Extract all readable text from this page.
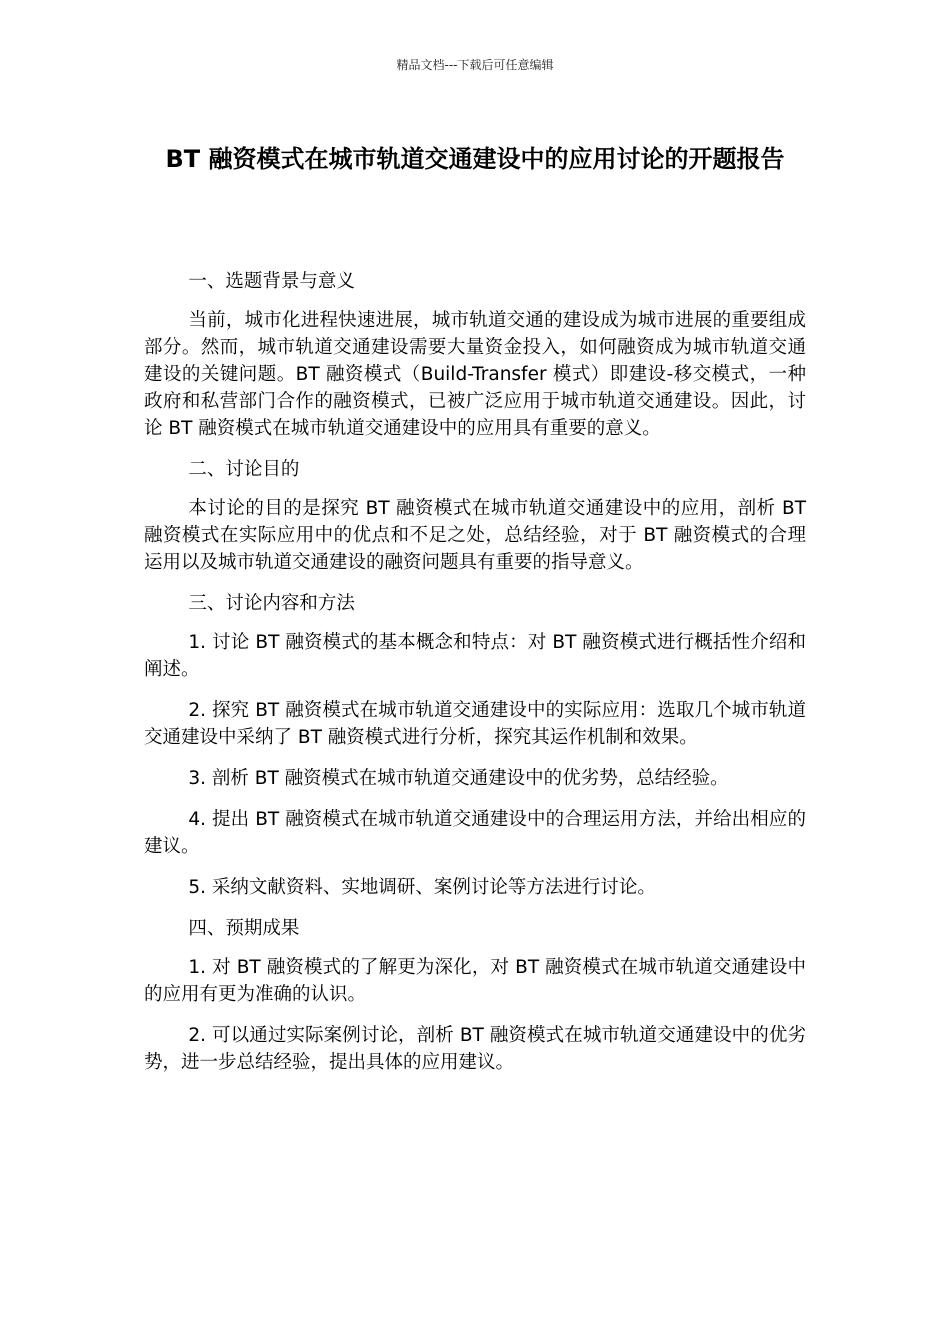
精品文档---下载后可任意编辑
BT 融资模式在城市轨道交通建设中的应用讨论的开题报告

一、选题背景与意义

当前，城市化进程快速进展，城市轨道交通的建设成为城市进展的重要组成部分。然而，城市轨道交通建设需要大量资金投入，如何融资成为城市轨道交通建设的关键问题。BT 融资模式（Build-Transfer 模式）即建设-移交模式，一种政府和私营部门合作的融资模式，已被广泛应用于城市轨道交通建设。因此，讨论 BT 融资模式在城市轨道交通建设中的应用具有重要的意义。

二、讨论目的

本讨论的目的是探究 BT 融资模式在城市轨道交通建设中的应用，剖析 BT 融资模式在实际应用中的优点和不足之处，总结经验，对于 BT 融资模式的合理运用以及城市轨道交通建设的融资问题具有重要的指导意义。

三、讨论内容和方法

1. 讨论 BT 融资模式的基本概念和特点：对 BT 融资模式进行概括性介绍和阐述。

2. 探究 BT 融资模式在城市轨道交通建设中的实际应用：选取几个城市轨道交通建设中采纳了 BT 融资模式进行分析，探究其运作机制和效果。

3. 剖析 BT 融资模式在城市轨道交通建设中的优劣势，总结经验。

4. 提出 BT 融资模式在城市轨道交通建设中的合理运用方法，并给出相应的建议。

5. 采纳文献资料、实地调研、案例讨论等方法进行讨论。

四、预期成果

1. 对 BT 融资模式的了解更为深化，对 BT 融资模式在城市轨道交通建设中的应用有更为准确的认识。

2. 可以通过实际案例讨论，剖析 BT 融资模式在城市轨道交通建设中的优劣势，进一步总结经验，提出具体的应用建议。
